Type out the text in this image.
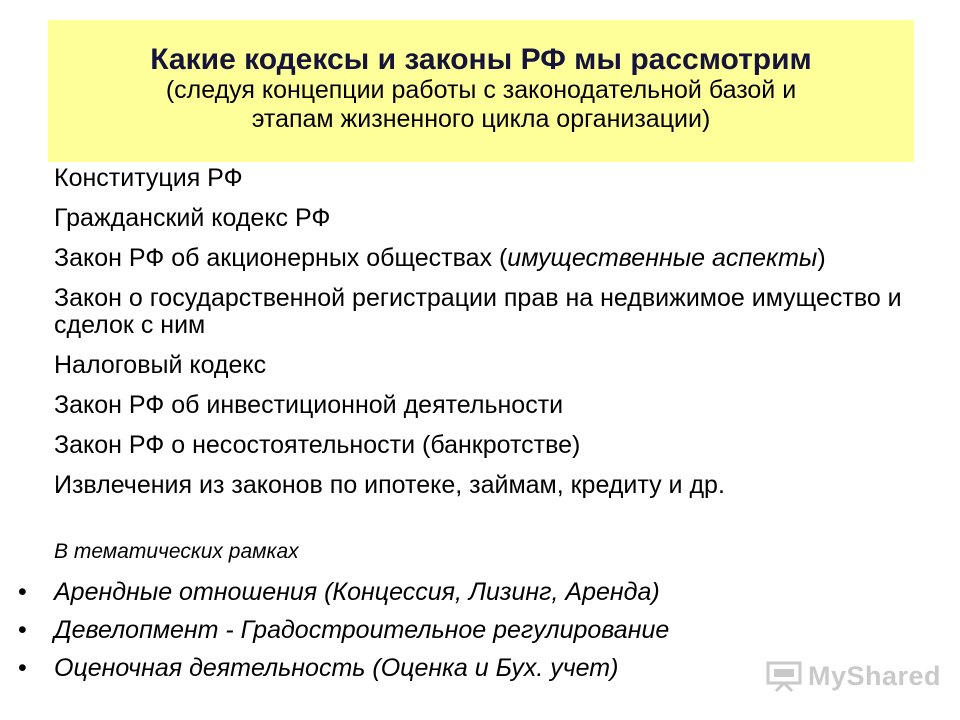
Какие кодексы и законы РФ мы рассмотрим
(следуя концепции работы с законодательной базой и
этапам жизненного цикла организации)
Конституция РФ
Гражданский кодекс РФ
Закон РФ об акционерных обществах (имущественные аспекты)
Закон о государственной регистрации прав на недвижимое имущество и сделок с ним
Налоговый кодекс
Закон РФ об инвестиционной деятельности
Закон РФ о несостоятельности (банкротстве)
Извлечения из законов по ипотеке, займам, кредиту и др.
В тематических рамках
• Арендные отношения (Концессия, Лизинг, Аренда)
• Девелопмент - Градостроительное регулирование
• Оценочная деятельность (Оценка и Бух. учет)	MyShared
